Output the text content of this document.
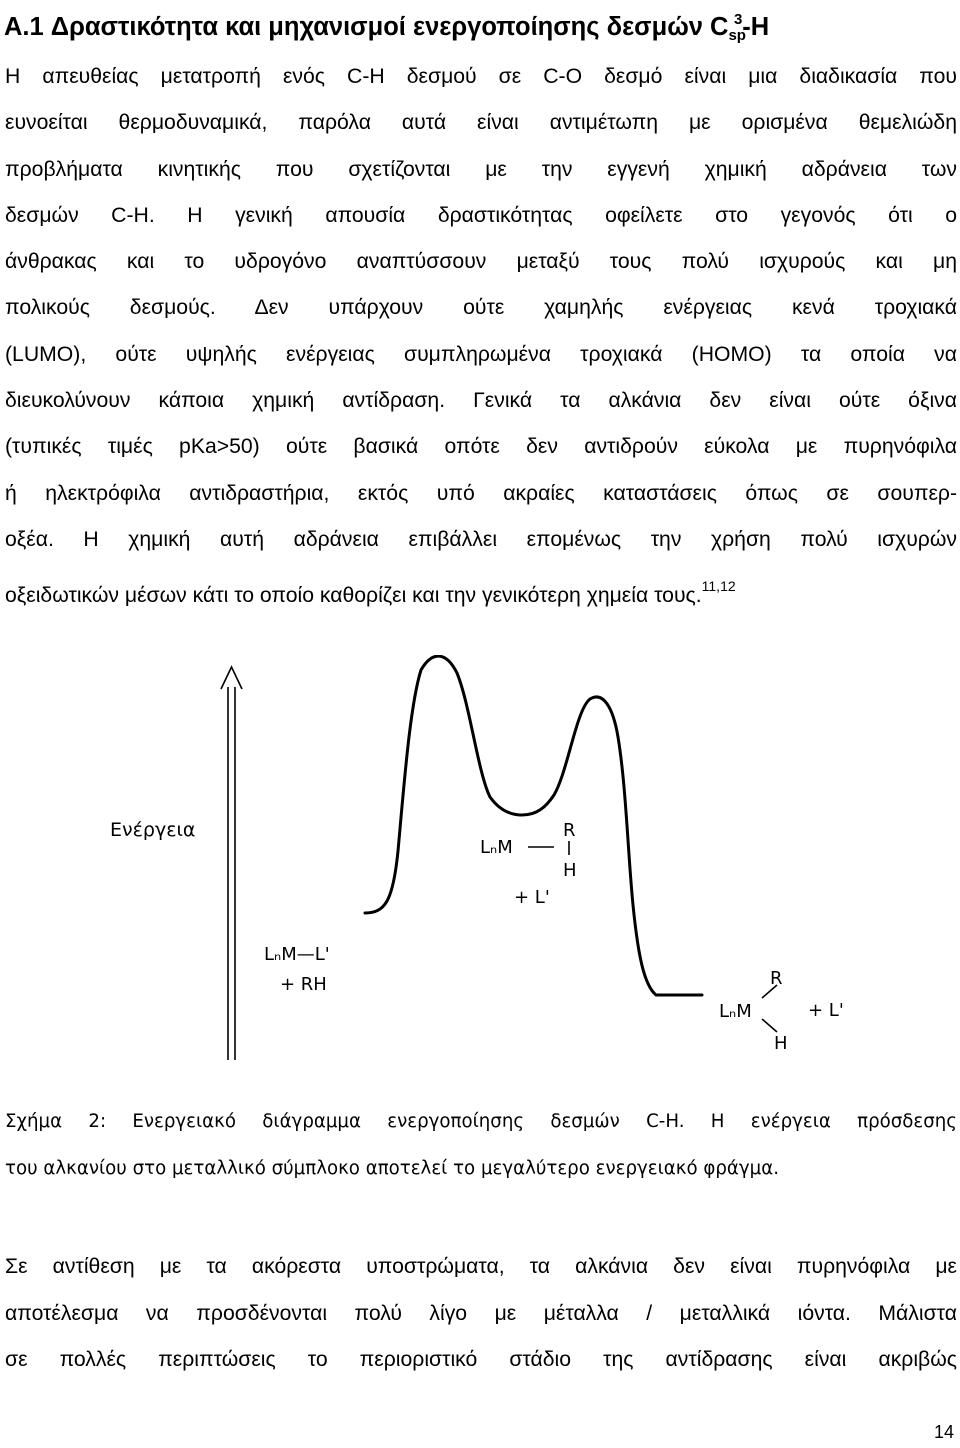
A.1 Δραστικότητα και μηχανισμοί ενεργοποίησης δεσμών $C_{sp}^3-H$
Η απευθείας μετατροπή ενός C-H δεσμού σε C-O δεσμό είναι μια διαδικασία που
ευνοείται θερμοδυναμικά, παρόλα αυτά είναι αντιμέτωπη με ορισμένα θεμελιώδη
προβλήματα κινητικής που σχετίζονται με την εγγενή χημική αδράνεια των
δεσμών C-H. Η γενική απουσία δραστικότητας οφείλετε στο γεγονός ότι ο
άνθρακας και το υδρογόνο αναπτύσσουν μεταξύ τους πολύ ισχυρούς και μη
πολικούς δεσμούς. Δεν υπάρχουν ούτε χαμηλής ενέργειας κενά τροχιακά
(LUMO), ούτε υψηλής ενέργειας συμπληρωμένα τροχιακά (HOMO) τα οποία να
διευκολύνουν κάποια χημική αντίδραση. Γενικά τα αλκάνια δεν είναι ούτε όξινα
(τυπικές τιμές pKa>50) ούτε βασικά οπότε δεν αντιδρούν εύκολα με πυρηνόφιλα
ή ηλεκτρόφιλα αντιδραστήρια, εκτός υπό ακραίες καταστάσεις όπως σε σουπερ-
οξέα. Η χημική αυτή αδράνεια επιβάλλει επομένως την χρήση πολύ ισχυρών
οξειδωτικών μέσων κάτι το οποίο καθορίζει και την γενικότερη χημεία τους.$^{11,12}$
Ενέργεια
LₙM—L'
+ RH
LₙM
R
H
+ L'
LₙM
R
H
+ L'
Σχήμα 2: Ενεργειακό διάγραμμα ενεργοποίησης δεσμών C-H. Η ενέργεια πρόσδεσης
του αλκανίου στο μεταλλικό σύμπλοκο αποτελεί το μεγαλύτερο ενεργειακό φράγμα.
Σε αντίθεση με τα ακόρεστα υποστρώματα, τα αλκάνια δεν είναι πυρηνόφιλα με
αποτέλεσμα να προσδένονται πολύ λίγο με μέταλλα / μεταλλικά ιόντα. Μάλιστα
σε πολλές περιπτώσεις το περιοριστικό στάδιο της αντίδρασης είναι ακριβώς
14
